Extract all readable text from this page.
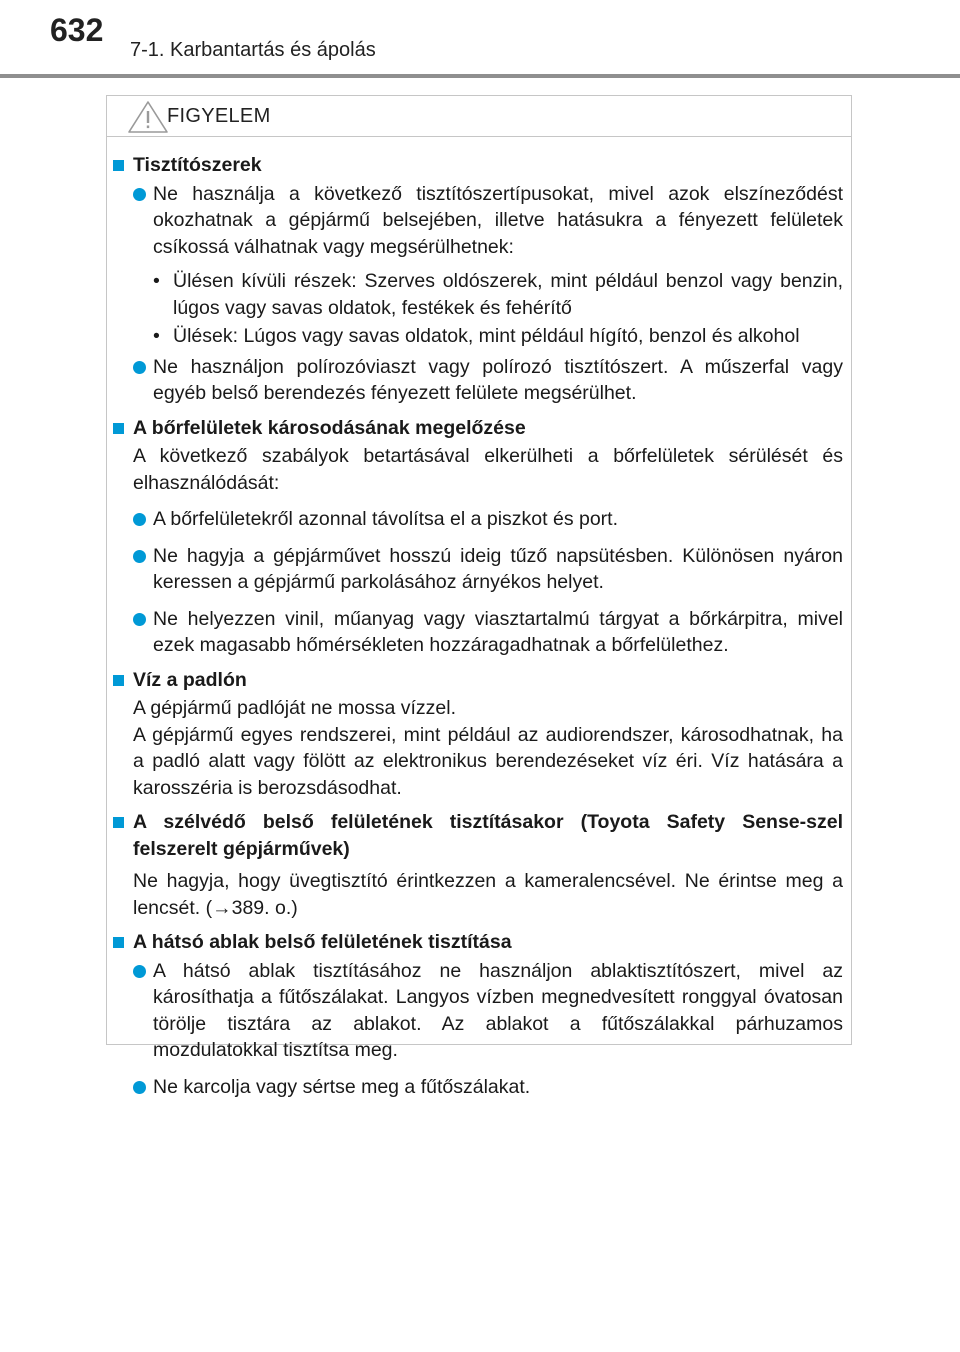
632
7-1. Karbantartás és ápolás
FIGYELEM
Tisztítószerek
Ne használja a következő tisztítószertípusokat, mivel azok elszíneződést okozhatnak a gépjármű belsejében, illetve hatásukra a fényezett felületek csíkossá válhatnak vagy megsérülhetnek:
• Ülésen kívüli részek: Szerves oldószerek, mint például benzol vagy benzin, lúgos vagy savas oldatok, festékek és fehérítő
• Ülések: Lúgos vagy savas oldatok, mint például hígító, benzol és alkohol
Ne használjon polírozóviaszt vagy polírozó tisztítószert. A műszerfal vagy egyéb belső berendezés fényezett felülete megsérülhet.
A bőrfelületek károsodásának megelőzése
A következő szabályok betartásával elkerülheti a bőrfelületek sérülését és elhasználódását:
A bőrfelületekről azonnal távolítsa el a piszkot és port.
Ne hagyja a gépjárművet hosszú ideig tűző napsütésben. Különösen nyáron keressen a gépjármű parkolásához árnyékos helyet.
Ne helyezzen vinil, műanyag vagy viasztartalmú tárgyat a bőrkárpitra, mivel ezek magasabb hőmérsékleten hozzáragadhatnak a bőrfelülethez.
Víz a padlón
A gépjármű padlóját ne mossa vízzel.
A gépjármű egyes rendszerei, mint például az audiorendszer, károsodhatnak, ha a padló alatt vagy fölött az elektronikus berendezéseket víz éri. Víz hatására a karosszéria is berozsdásodhat.
A szélvédő belső felületének tisztításakor (Toyota Safety Sense-szel felszerelt gépjárművek)
Ne hagyja, hogy üvegtisztító érintkezzen a kameralencsével. Ne érintse meg a lencsét. (→389. o.)
A hátsó ablak belső felületének tisztítása
A hátsó ablak tisztításához ne használjon ablaktisztítószert, mivel az károsíthatja a fűtőszálakat. Langyos vízben megnedvesített ronggyal óvatosan törölje tisztára az ablakot. Az ablakot a fűtőszálakkal párhuzamos mozdulatokkal tisztítsa meg.
Ne karcolja vagy sértse meg a fűtőszálakat.
